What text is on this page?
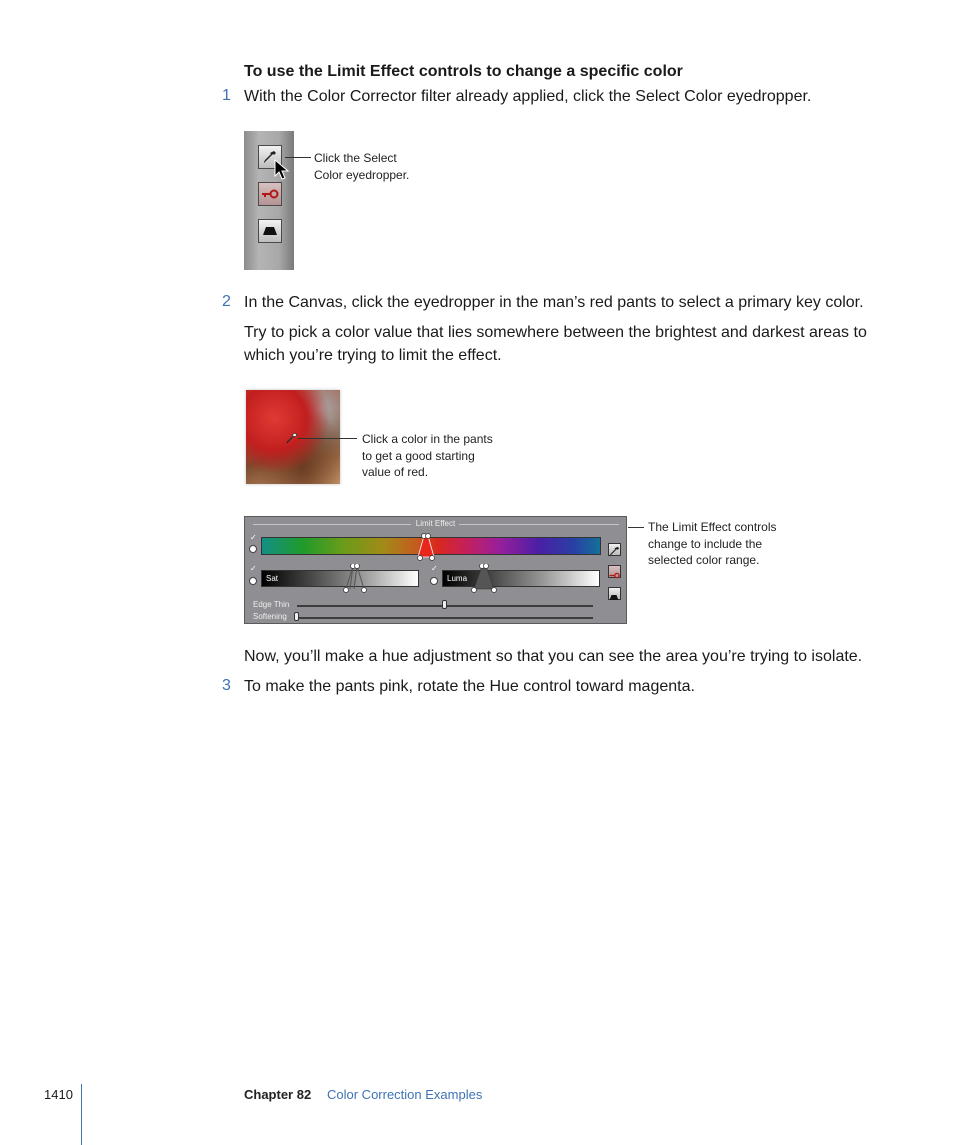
To use the Limit Effect controls to change a specific color
1 With the Color Corrector filter already applied, click the Select Color eyedropper.
Click the Select
Color eyedropper.
2 In the Canvas, click the eyedropper in the man’s red pants to select a primary key color.
Try to pick a color value that lies somewhere between the brightest and darkest areas to
which you’re trying to limit the effect.
Click a color in the pants
to get a good starting
value of red.
Limit Effect
✓
✓
Sat
✓
Luma
Edge Thin
Softening
The Limit Effect controls
change to include the
selected color range.
Now, you’ll make a hue adjustment so that you can see the area you’re trying to isolate.
3 To make the pants pink, rotate the Hue control toward magenta.
1410	Chapter 82 Color Correction Examples
